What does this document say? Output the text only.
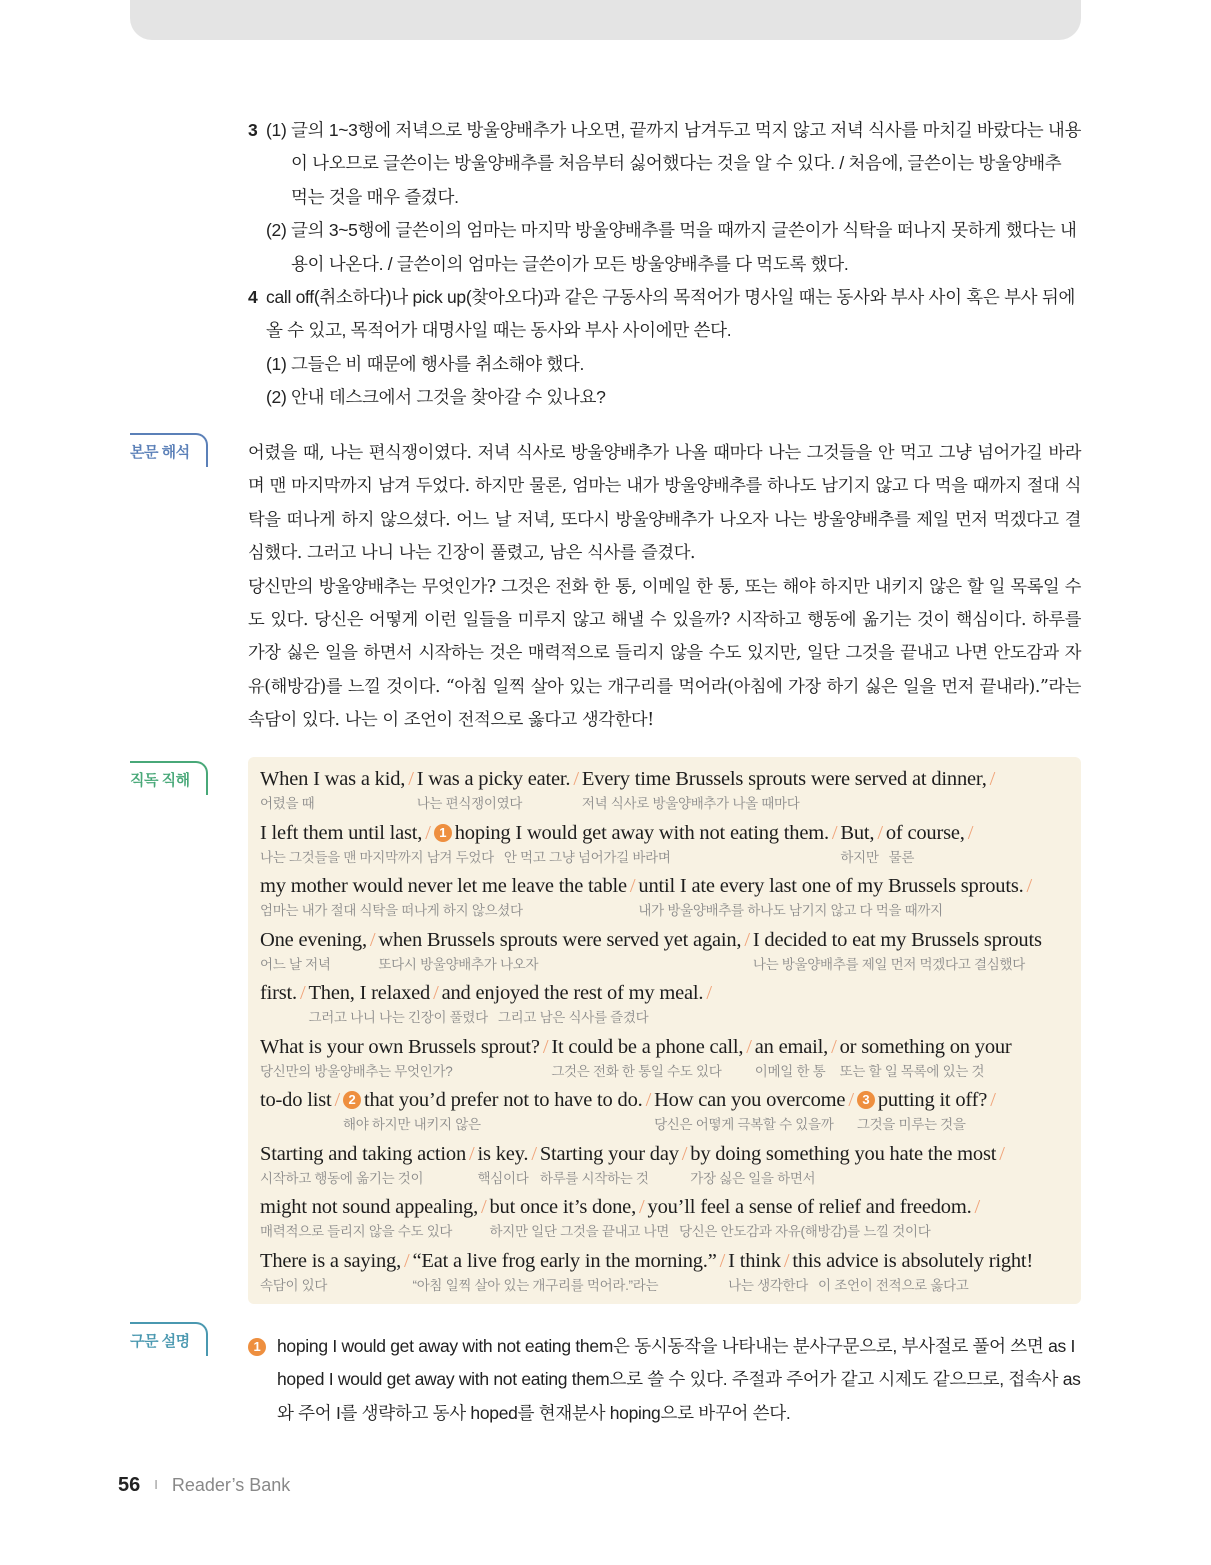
3 (1) 글의 1~3행에 저녁으로 방울양배추가 나오면, 끝까지 남겨두고 먹지 않고 저녁 식사를 마치길 바랐다는 내용이 나오므로 글쓴이는 방울양배추를 처음부터 싫어했다는 것을 알 수 있다. / 처음에, 글쓴이는 방울양배추 먹는 것을 매우 즐겼다.
(2) 글의 3~5행에 글쓴이의 엄마는 마지막 방울양배추를 먹을 때까지 글쓴이가 식탁을 떠나지 못하게 했다는 내용이 나온다. / 글쓴이의 엄마는 글쓴이가 모든 방울양배추를 다 먹도록 했다.
4 call off(취소하다)나 pick up(찾아오다)과 같은 구동사의 목적어가 명사일 때는 동사와 부사 사이 혹은 부사 뒤에 올 수 있고, 목적어가 대명사일 때는 동사와 부사 사이에만 쓴다.
(1) 그들은 비 때문에 행사를 취소해야 했다.
(2) 안내 데스크에서 그것을 찾아갈 수 있나요?
본문 해석	어렸을 때, 나는 편식쟁이였다. 저녁 식사로 방울양배추가 나올 때마다 나는 그것들을 안 먹고 그냥 넘어가길 바라며 맨 마지막까지 남겨 두었다. 하지만 물론, 엄마는 내가 방울양배추를 하나도 남기지 않고 다 먹을 때까지 절대 식탁을 떠나게 하지 않으셨다. 어느 날 저녁, 또다시 방울양배추가 나오자 나는 방울양배추를 제일 먼저 먹겠다고 결심했다. 그러고 나니 나는 긴장이 풀렸고, 남은 식사를 즐겼다.

당신만의 방울양배추는 무엇인가? 그것은 전화 한 통, 이메일 한 통, 또는 해야 하지만 내키지 않은 할 일 목록일 수도 있다. 당신은 어떻게 이런 일들을 미루지 않고 해낼 수 있을까? 시작하고 행동에 옮기는 것이 핵심이다. 하루를 가장 싫은 일을 하면서 시작하는 것은 매력적으로 들리지 않을 수도 있지만, 일단 그것을 끝내고 나면 안도감과 자유(해방감)를 느낄 것이다. “아침 일찍 살아 있는 개구리를 먹어라(아침에 가장 하기 싫은 일을 먼저 끝내라).”라는 속담이 있다. 나는 이 조언이 전적으로 옳다고 생각한다!

직독 직해	When I was a kid, /
어렸을 때
I was a picky eater. /
나는 편식쟁이였다
Every time Brussels sprouts were served at dinner, /
저녁 식사로 방울양배추가 나올 때마다
I left them until last, /
나는 그것들을 맨 마지막까지 남겨 두었다
1 hoping I would get away with not eating them. /
안 먹고 그냥 넘어가길 바라며
But, /
하지만
of course, /
물론
my mother would never let me leave the table /
엄마는 내가 절대 식탁을 떠나게 하지 않으셨다
until I ate every last one of my Brussels sprouts. /
내가 방울양배추를 하나도 남기지 않고 다 먹을 때까지
One evening, /
어느 날 저녁
when Brussels sprouts were served yet again, /
또다시 방울양배추가 나오자
I decided to eat my Brussels sprouts
나는 방울양배추를 제일 먼저 먹겠다고 결심했다
first. / Then, I relaxed /
그러고 나니 나는 긴장이 풀렸다
and enjoyed the rest of my meal. /
그리고 남은 식사를 즐겼다
What is your own Brussels sprout? /
당신만의 방울양배추는 무엇인가?
It could be a phone call, /
그것은 전화 한 통일 수도 있다
an email, /
이메일 한 통
or something on your
또는 할 일 목록에 있는 것
to-do list / 2 that you’d prefer not to have to do. /
해야 하지만 내키지 않은
How can you overcome /
당신은 어떻게 극복할 수 있을까
3 putting it off? /
그것을 미루는 것을
Starting and taking action /
시작하고 행동에 옮기는 것이
is key. /
핵심이다
Starting your day /
하루를 시작하는 것
by doing something you hate the most /
가장 싫은 일을 하면서
might not sound appealing, /
매력적으로 들리지 않을 수도 있다
but once it’s done, /
하지만 일단 그것을 끝내고 나면
you’ll feel a sense of relief and freedom. /
당신은 안도감과 자유(해방감)를 느낄 것이다
There is a saying, /
속담이 있다
“Eat a live frog early in the morning.” /
“아침 일찍 살아 있는 개구리를 먹어라.”라는
I think /
나는 생각한다
this advice is absolutely right!
이 조언이 전적으로 옳다고
구문 설명	1 hoping I would get away with not eating them은 동시동작을 나타내는 분사구문으로, 부사절로 풀어 쓰면 as I hoped I would get away with not eating them으로 쓸 수 있다. 주절과 주어가 같고 시제도 같으므로, 접속사 as와 주어 I를 생략하고 동사 hoped를 현재분사 hoping으로 바꾸어 쓴다.
56 I Reader’s Bank
